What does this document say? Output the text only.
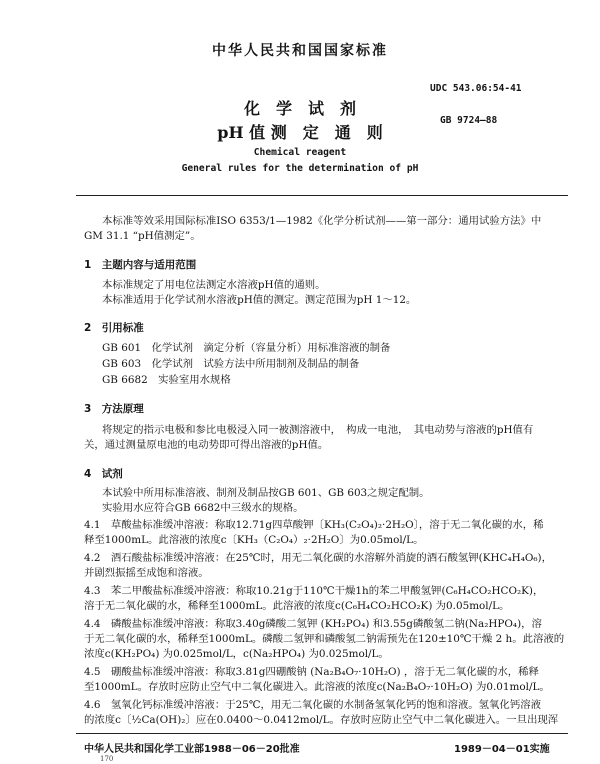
中华人民共和国国家标准
UDC 543.06:54-41
化　学　试　剂
GB 9724—88
pH 值 测　定　通　则
Chemical reagent
General rules for the determination of pH
本标准等效采用国际标准ISO 6353/1—1982《化学分析试剂——第一部分：通用试验方法》中
GM 31.1 “pH值测定”。
1　主题内容与适用范围
本标准规定了用电位法测定水溶液pH值的通则。
本标准适用于化学试剂水溶液pH值的测定。测定范围为pH 1～12。
2　引用标准
GB 601　化学试剂　滴定分析（容量分析）用标准溶液的制备
GB 603　化学试剂　试验方法中所用制剂及制品的制备
GB 6682　实验室用水规格
3　方法原理
将规定的指示电极和参比电极浸入同一被测溶液中，　构成一电池，　其电动势与溶液的pH值有
关，通过测量原电池的电动势即可得出溶液的pH值。
4　试剂
本试验中所用标准溶液、制剂及制品按GB 601、GB 603之规定配制。
实验用水应符合GB 6682中三级水的规格。
4.1　草酸盐标准缓冲溶液：称取12.71g四草酸钾〔KH₃(C₂O₄)₂·2H₂O〕，溶于无二氧化碳的水，稀
释至1000mL。此溶液的浓度c〔KH₃（C₂O₄）₂·2H₂O〕为0.05mol/L。
4.2　酒石酸盐标准缓冲溶液：在25℃时，用无二氧化碳的水溶解外消旋的酒石酸氢钾(KHC₄H₄O₆)，
并剧烈振摇至成饱和溶液。
4.3　苯二甲酸盐标准缓冲溶液：称取10.21g于110℃干燥1h的苯二甲酸氢钾(C₆H₄CO₂HCO₂K)，
溶于无二氧化碳的水，稀释至1000mL。此溶液的浓度c(C₆H₄CO₂HCO₂K) 为0.05mol/L。
4.4　磷酸盐标准缓冲溶液：称取3.40g磷酸二氢钾 (KH₂PO₄) 和3.55g磷酸氢二钠(Na₂HPO₄)，溶
于无二氧化碳的水，稀释至1000mL。磷酸二氢钾和磷酸氢二钠需预先在120±10℃干燥 2 h。此溶液的
浓度c(KH₂PO₄) 为0.025mol/L，c(Na₂HPO₄) 为0.025mol/L。
4.5　硼酸盐标准缓冲溶液：称取3.81g四硼酸钠 (Na₂B₄O₇·10H₂O) ，溶于无二氧化碳的水，稀释
至1000mL。存放时应防止空气中二氧化碳进入。此溶液的浓度c(Na₂B₄O₇·10H₂O) 为0.01mol/L。
4.6　氢氧化钙标准缓冲溶液：于25℃，用无二氧化碳的水制备氢氧化钙的饱和溶液。氢氧化钙溶液
的浓度c〔½Ca(OH)₂〕应在0.0400～0.0412mol/L。存放时应防止空气中二氧化碳进入。一旦出现浑
中华人民共和国化学工业部1988－06－20批准	1989－04－01实施
170
